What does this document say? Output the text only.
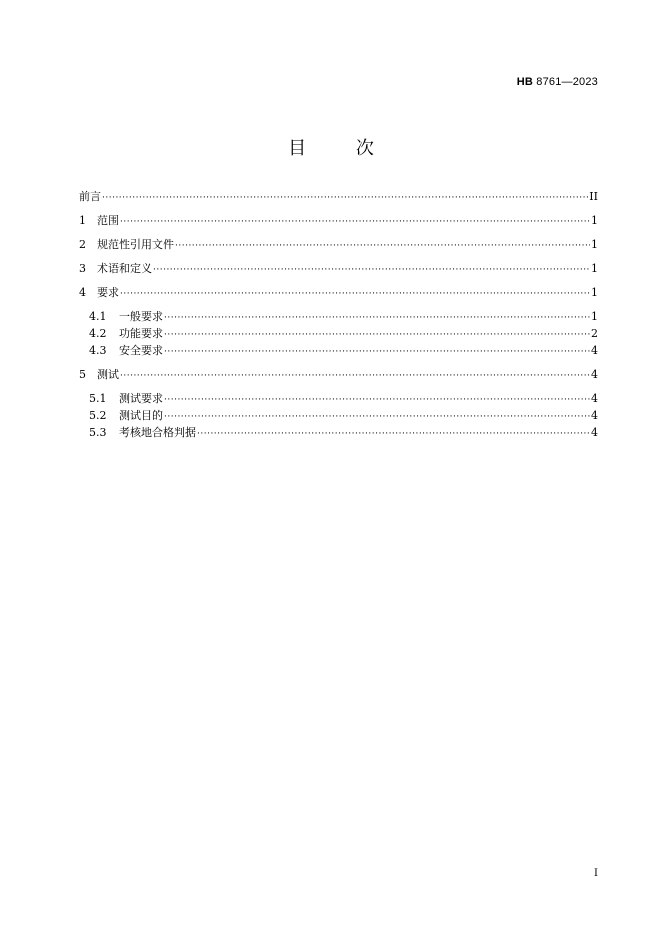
HB 8761—2023
目	次
前言 ·····	II
1	范围 ·····	1
2	规范性引用文件 ·····	1
3	术语和定义 ·····	1
4	要求 ·····	1
4.1	一般要求 ·····	1
4.2	功能要求 ·····	2
4.3	安全要求 ·····	4
5	测试 ·····	4
5.1	测试要求 ·····	4
5.2	测试目的 ·····	4
5.3	考核地合格判据 ·····	4
I
